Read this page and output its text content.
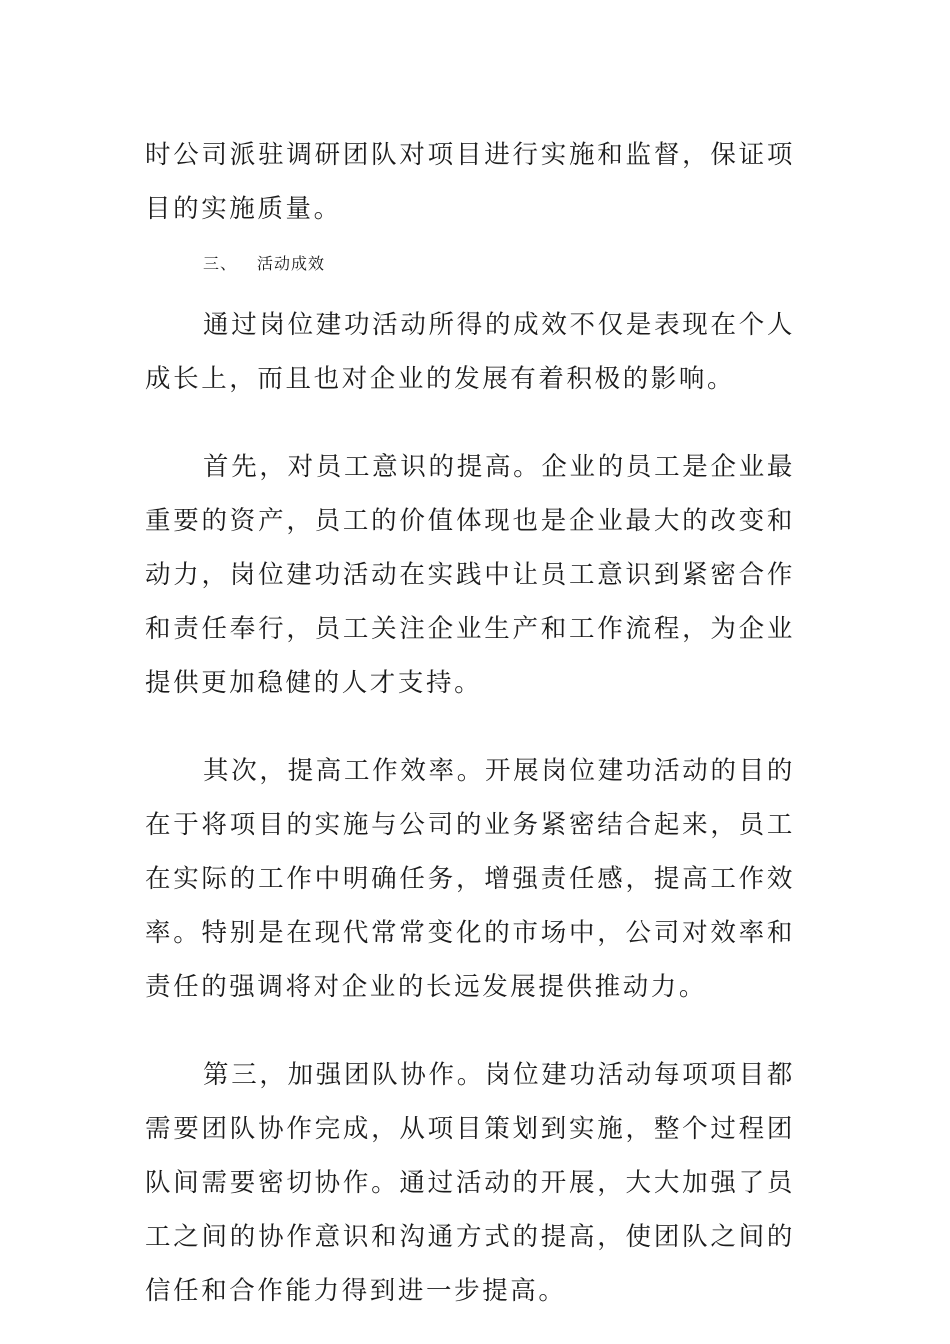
时公司派驻调研团队对项目进行实施和监督，保证项目的实施质量。

三、 活动成效

通过岗位建功活动所得的成效不仅是表现在个人成长上，而且也对企业的发展有着积极的影响。

首先，对员工意识的提高。企业的员工是企业最重要的资产，员工的价值体现也是企业最大的改变和动力，岗位建功活动在实践中让员工意识到紧密合作和责任奉行，员工关注企业生产和工作流程，为企业提供更加稳健的人才支持。

其次，提高工作效率。开展岗位建功活动的目的在于将项目的实施与公司的业务紧密结合起来，员工在实际的工作中明确任务，增强责任感，提高工作效率。特别是在现代常常变化的市场中，公司对效率和责任的强调将对企业的长远发展提供推动力。

第三，加强团队协作。岗位建功活动每项项目都需要团队协作完成，从项目策划到实施，整个过程团队间需要密切协作。通过活动的开展，大大加强了员工之间的协作意识和沟通方式的提高，使团队之间的信任和合作能力得到进一步提高。
